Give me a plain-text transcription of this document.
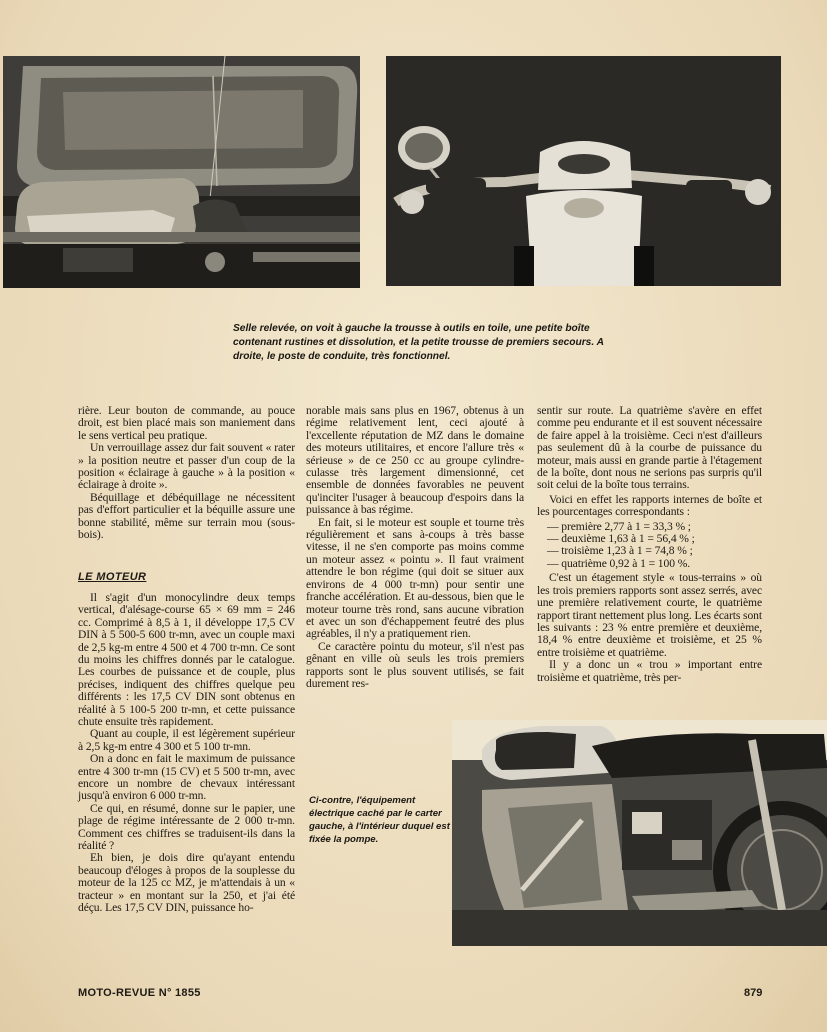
Selle relevée, on voit à gauche la trousse à outils en toile, une petite boîte contenant rustines et dissolution, et la petite trousse de premiers secours. A droite, le poste de conduite, très fonctionnel.

rière. Leur bouton de commande, au pouce droit, est bien placé mais son maniement dans le sens vertical peu pratique.

Un verrouillage assez dur fait souvent « rater » la position neutre et passer d'un coup de la position « éclairage à gauche » à la position « éclairage à droite ».

Béquillage et débéquillage ne nécessitent pas d'effort particulier et la béquille assure une bonne stabilité, même sur terrain mou (sous-bois).

LE MOTEUR

Il s'agit d'un monocylindre deux temps vertical, d'alésage-course 65 × 69 mm = 246 cc. Comprimé à 8,5 à 1, il développe 17,5 CV DIN à 5 500-5 600 tr-mn, avec un couple maxi de 2,5 kg-m entre 4 500 et 4 700 tr-mn. Ce sont du moins les chiffres donnés par le catalogue. Les courbes de puissance et de couple, plus précises, indiquent des chiffres quelque peu différents : les 17,5 CV DIN sont obtenus en réalité à 5 100-5 200 tr-mn, et cette puissance chute ensuite très rapidement.

Quant au couple, il est légèrement supérieur à 2,5 kg-m entre 4 300 et 5 100 tr-mn.

On a donc en fait le maximum de puissance entre 4 300 tr-mn (15 CV) et 5 500 tr-mn, avec encore un nombre de chevaux intéressant jusqu'à environ 6 000 tr-mn.

Ce qui, en résumé, donne sur le papier, une plage de régime intéressante de 2 000 tr-mn. Comment ces chiffres se traduisent-ils dans la réalité ?

Eh bien, je dois dire qu'ayant entendu beaucoup d'éloges à propos de la souplesse du moteur de la 125 cc MZ, je m'attendais à un « tracteur » en montant sur la 250, et j'ai été déçu. Les 17,5 CV DIN, puissance ho-

norable mais sans plus en 1967, obtenus à un régime relativement lent, ceci ajouté à l'excellente réputation de MZ dans le domaine des moteurs utilitaires, et encore l'allure très « sérieuse » de ce 250 cc au groupe cylindre-culasse très largement dimensionné, cet ensemble de données favorables ne peuvent qu'inciter l'usager à beaucoup d'espoirs dans la puissance à bas régime.

En fait, si le moteur est souple et tourne très régulièrement et sans à-coups à très basse vitesse, il ne s'en comporte pas moins comme un moteur assez « pointu ». Il faut vraiment attendre le bon régime (qui doit se situer aux environs de 4 000 tr-mn) pour sentir une franche accélération. Et au-dessous, bien que le moteur tourne très rond, sans aucune vibration et avec un son d'échappement feutré des plus agréables, il n'y a pratiquement rien.

Ce caractère pointu du moteur, s'il n'est pas gênant en ville où seuls les trois premiers rapports sont le plus souvent utilisés, se fait durement res-

sentir sur route. La quatrième s'avère en effet comme peu endurante et il est souvent nécessaire de faire appel à la troisième. Ceci n'est d'ailleurs pas seulement dû à la courbe de puissance du moteur, mais aussi en grande partie à l'étagement de la boîte, dont nous ne serions pas surpris qu'il soit celui de la boîte tous terrains.

Voici en effet les rapports internes de boîte et les pourcentages correspondants :

— première 2,77 à 1 = 33,3 % ;
— deuxième 1,63 à 1 = 56,4 % ;
— troisième 1,23 à 1 = 74,8 % ;
— quatrième 0,92 à 1 = 100 %.

C'est un étagement style « tous-terrains » où les trois premiers rapports sont assez serrés, avec une première relativement courte, le quatrième rapport tirant nettement plus long. Les écarts sont les suivants : 23 % entre première et deuxième, 18,4 % entre deuxième et troisième, et 25 % entre troisième et quatrième.

Il y a donc un « trou » important entre troisième et quatrième, très per-

Ci-contre, l'équipement électrique caché par le carter gauche, à l'intérieur duquel est fixée la pompe.

MOTO-REVUE N° 1855	879
